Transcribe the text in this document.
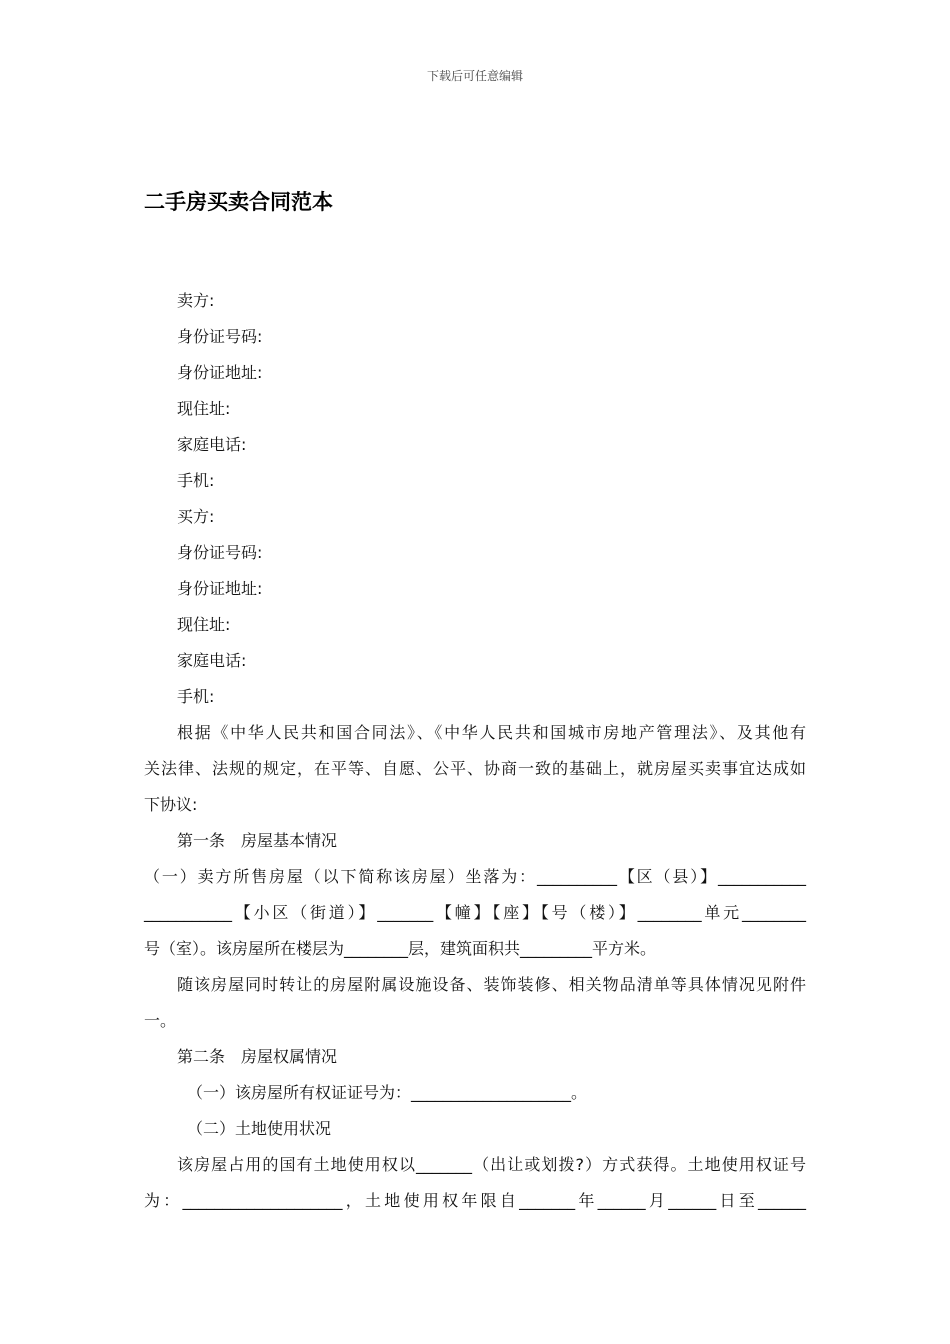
下载后可任意编辑
二手房买卖合同范本
卖方:
身份证号码:
身份证地址:
现住址:
家庭电话:
手机:
买方:
身份证号码:
身份证地址:
现住址:
家庭电话:
手机:
根据《中华人民共和国合同法》、《中华人民共和国城市房地产管理法》、及其他有
关法律、法规的规定，在平等、自愿、公平、协商一致的基础上，就房屋买卖事宜达成如
下协议:
第一条　房屋基本情况
（一）卖方所售房屋（以下简称该房屋）坐落为：__________【区（县）】___________
___________【小区（街道）】_______【幢】【座】【号（楼）】________单元________
号（室）。该房屋所在楼层为________层，建筑面积共_________平方米。
随该房屋同时转让的房屋附属设施设备、装饰装修、相关物品清单等具体情况见附件
一。
第二条　房屋权属情况
（一）该房屋所有权证证号为：____________________。
（二）土地使用状况
该房屋占用的国有土地使用权以_______（出让或划拨?）方式获得。土地使用权证号
为：____________________，土地使用权年限自_______年______月______日至______
